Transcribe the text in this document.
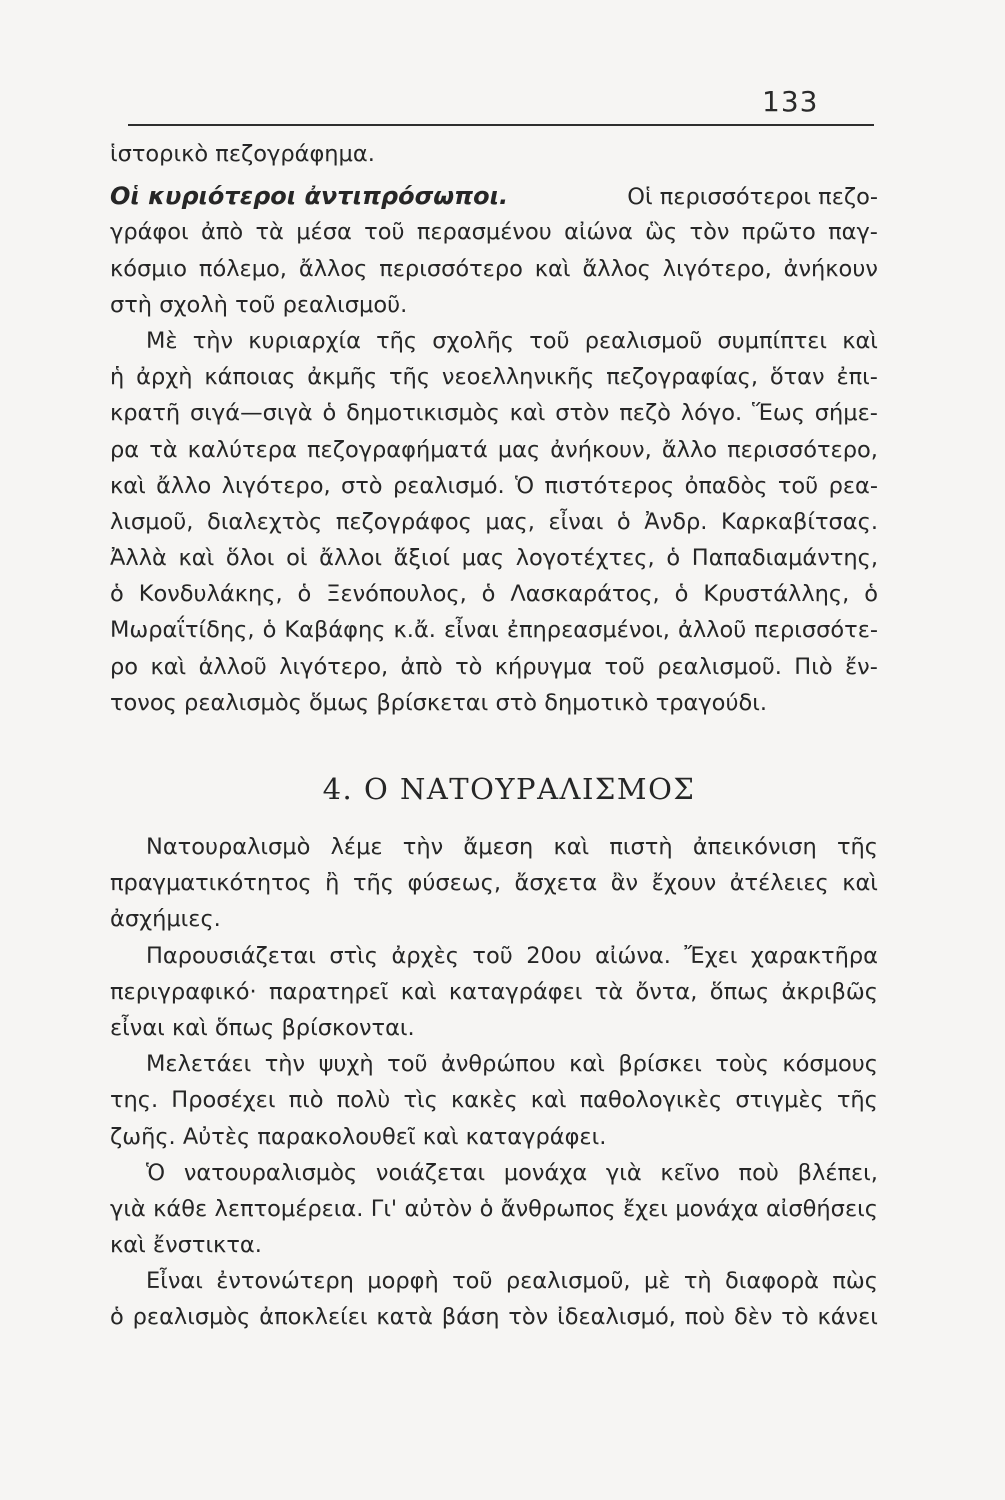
133
ἱστορικὸ πεζογράφημα.
Οἱ κυριότεροι ἀντιπρόσωποι.	Οἱ περισσότεροι πεζο-
γράφοι ἀπὸ τὰ μέσα τοῦ περασμένου αἰώνα ὣς τὸν πρῶτο παγ-
κόσμιο πόλεμο, ἄλλος περισσότερο καὶ ἄλλος λιγότερο, ἀνήκουν
στὴ σχολὴ τοῦ ρεαλισμοῦ.
Μὲ τὴν κυριαρχία τῆς σχολῆς τοῦ ρεαλισμοῦ συμπίπτει καὶ
ἡ ἀρχὴ κάποιας ἀκμῆς τῆς νεοελληνικῆς πεζογραφίας, ὅταν ἐπι-
κρατῆ σιγά—σιγὰ ὁ δημοτικισμὸς καὶ στὸν πεζὸ λόγο. Ἕως σήμε-
ρα τὰ καλύτερα πεζογραφήματά μας ἀνήκουν, ἄλλο περισσότερο,
καὶ ἄλλο λιγότερο, στὸ ρεαλισμό. Ὁ πιστότερος ὀπαδὸς τοῦ ρεα-
λισμοῦ, διαλεχτὸς πεζογράφος μας, εἶναι ὁ Ἀνδρ. Καρκαβίτσας.
Ἀλλὰ καὶ ὅλοι οἱ ἄλλοι ἄξιοί μας λογοτέχτες, ὁ Παπαδιαμάντης,
ὁ Κονδυλάκης, ὁ Ξενόπουλος, ὁ Λασκαράτος, ὁ Κρυστάλλης, ὁ
Μωραΐτίδης, ὁ Καβάφης κ.ἄ. εἶναι ἐπηρεασμένοι, ἀλλοῦ περισσότε-
ρο καὶ ἀλλοῦ λιγότερο, ἀπὸ τὸ κήρυγμα τοῦ ρεαλισμοῦ. Πιὸ ἔν-
τονος ρεαλισμὸς ὅμως βρίσκεται στὸ δημοτικὸ τραγούδι.
4. Ο ΝΑΤΟΥΡΑΛΙΣΜΟΣ
Νατουραλισμὸ λέμε τὴν ἄμεση καὶ πιστὴ ἀπεικόνιση τῆς
πραγματικότητος ἢ τῆς φύσεως, ἄσχετα ἂν ἔχουν ἀτέλειες καὶ
ἀσχήμιες.
Παρουσιάζεται στὶς ἀρχὲς τοῦ 20ου αἰώνα. Ἔχει χαρακτῆρα
περιγραφικό· παρατηρεῖ καὶ καταγράφει τὰ ὄντα, ὅπως ἀκριβῶς
εἶναι καὶ ὅπως βρίσκονται.
Μελετάει τὴν ψυχὴ τοῦ ἀνθρώπου καὶ βρίσκει τοὺς κόσμους
της. Προσέχει πιὸ πολὺ τὶς κακὲς καὶ παθολογικὲς στιγμὲς τῆς
ζωῆς. Αὐτὲς παρακολουθεῖ καὶ καταγράφει.
Ὁ νατουραλισμὸς νοιάζεται μονάχα γιὰ κεῖνο ποὺ βλέπει,
γιὰ κάθε λεπτομέρεια. Γι' αὐτὸν ὁ ἄνθρωπος ἔχει μονάχα αἰσθήσεις
καὶ ἔνστικτα.
Εἶναι ἐντονώτερη μορφὴ τοῦ ρεαλισμοῦ, μὲ τὴ διαφορὰ πὼς
ὁ ρεαλισμὸς ἀποκλείει κατὰ βάση τὸν ἰδεαλισμό, ποὺ δὲν τὸ κάνει
